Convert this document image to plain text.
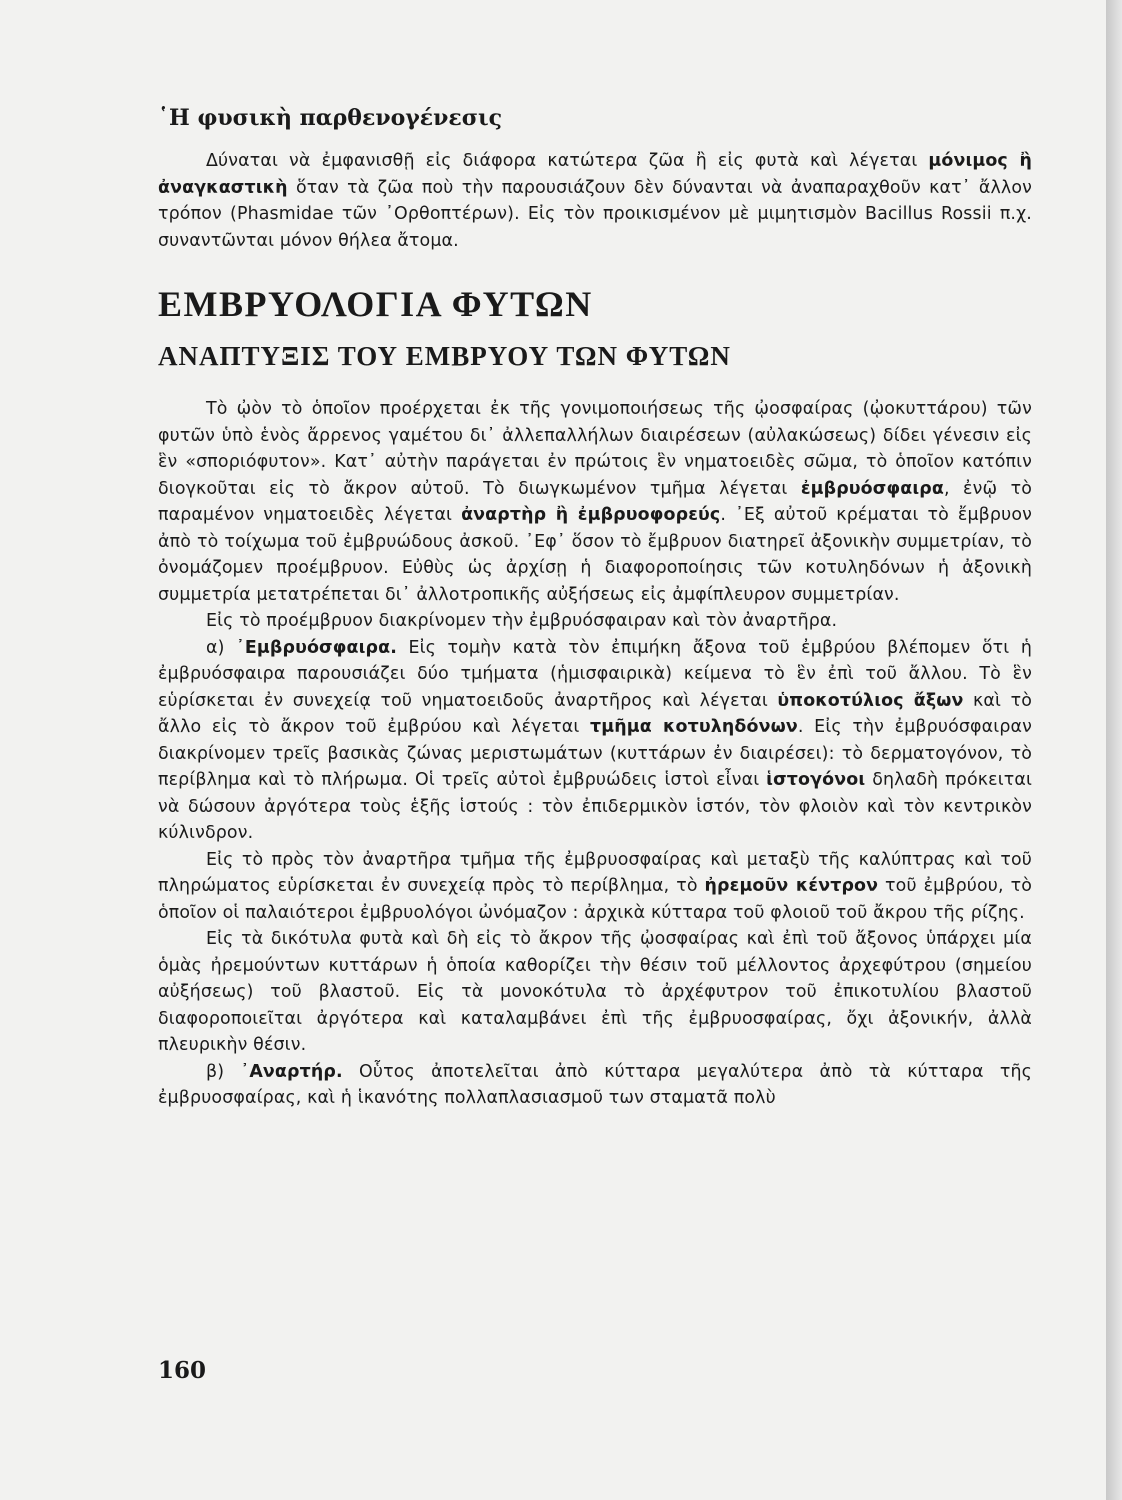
῾Η φυσικὴ παρθενογένεσις

Δύναται νὰ ἐμφανισθῇ εἰς διάφορα κατώτερα ζῶα ἢ εἰς φυτὰ καὶ λέγεται μόνιμος ἢ ἀναγκαστικὴ ὅταν τὰ ζῶα ποὺ τὴν παρουσιάζουν δὲν δύνανται νὰ ἀναπαραχθοῦν κατ᾽ ἄλλον τρόπον (Phasmidae τῶν ᾽Ορθοπτέρων). Εἰς τὸν προικισμένον μὲ μιμητισμὸν Bacillus Rossii π.χ. συναντῶνται μόνον θήλεα ἄτομα.

ΕΜΒΡΥΟΛΟΓΙΑ ΦΥΤΩΝ
ΑΝΑΠΤΥΞΙΣ ΤΟΥ ΕΜΒΡΥΟΥ ΤΩΝ ΦΥΤΩΝ

Τὸ ᾠὸν τὸ ὁποῖον προέρχεται ἐκ τῆς γονιμοποιήσεως τῆς ᾠοσφαίρας (ᾠοκυττάρου) τῶν φυτῶν ὑπὸ ἑνὸς ἄρρενος γαμέτου δι᾽ ἀλλεπαλλήλων διαιρέσεων (αὐλακώσεως) δίδει γένεσιν εἰς ἓν «σποριόφυτον». Κατ᾽ αὐτὴν παράγεται ἐν πρώτοις ἓν νηματοειδὲς σῶμα, τὸ ὁποῖον κατόπιν διογκοῦται εἰς τὸ ἄκρον αὐτοῦ. Τὸ διωγκωμένον τμῆμα λέγεται ἐμβρυόσφαιρα, ἐνῷ τὸ παραμένον νηματοειδὲς λέγεται ἀναρτὴρ ἢ ἐμβρυοφορεύς. ᾽Εξ αὐτοῦ κρέμαται τὸ ἔμβρυον ἀπὸ τὸ τοίχωμα τοῦ ἐμβρυώδους ἀσκοῦ. ᾽Εφ᾽ ὅσον τὸ ἔμβρυον διατηρεῖ ἀξονικὴν συμμετρίαν, τὸ ὀνομάζομεν προέμβρυον. Εὐθὺς ὡς ἀρχίσῃ ἡ διαφοροποίησις τῶν κοτυληδόνων ἡ ἀξονικὴ συμμετρία μετατρέπεται δι᾽ ἀλλοτροπικῆς αὐξήσεως εἰς ἀμφίπλευρον συμμετρίαν.

Εἰς τὸ προέμβρυον διακρίνομεν τὴν ἐμβρυόσφαιραν καὶ τὸν ἀναρτῆρα.

α) ᾽Εμβρυόσφαιρα. Εἰς τομὴν κατὰ τὸν ἐπιμήκη ἄξονα τοῦ ἐμβρύου βλέπομεν ὅτι ἡ ἐμβρυόσφαιρα παρουσιάζει δύο τμήματα (ἡμισφαιρικὰ) κείμενα τὸ ἓν ἐπὶ τοῦ ἄλλου. Τὸ ἓν εὑρίσκεται ἐν συνεχείᾳ τοῦ νηματοειδοῦς ἀναρτῆρος καὶ λέγεται ὑποκοτύλιος ἄξων καὶ τὸ ἄλλο εἰς τὸ ἄκρον τοῦ ἐμβρύου καὶ λέγεται τμῆμα κοτυληδόνων. Εἰς τὴν ἐμβρυόσφαιραν διακρίνομεν τρεῖς βασικὰς ζώνας μεριστωμάτων (κυττάρων ἐν διαιρέσει): τὸ δερματογόνον, τὸ περίβλημα καὶ τὸ πλήρωμα. Οἱ τρεῖς αὐτοὶ ἐμβρυώδεις ἱστοὶ εἶναι ἱστογόνοι δηλαδὴ πρόκειται νὰ δώσουν ἀργότερα τοὺς ἑξῆς ἱστούς : τὸν ἐπιδερμικὸν ἱστόν, τὸν φλοιὸν καὶ τὸν κεντρικὸν κύλινδρον.

Εἰς τὸ πρὸς τὸν ἀναρτῆρα τμῆμα τῆς ἐμβρυοσφαίρας καὶ μεταξὺ τῆς καλύπτρας καὶ τοῦ πληρώματος εὑρίσκεται ἐν συνεχείᾳ πρὸς τὸ περίβλημα, τὸ ἠρεμοῦν κέντρον τοῦ ἐμβρύου, τὸ ὁποῖον οἱ παλαιότεροι ἐμβρυολόγοι ὠνόμαζον : ἀρχικὰ κύτταρα τοῦ φλοιοῦ τοῦ ἄκρου τῆς ρίζης.

Εἰς τὰ δικότυλα φυτὰ καὶ δὴ εἰς τὸ ἄκρον τῆς ᾠοσφαίρας καὶ ἐπὶ τοῦ ἄξονος ὑπάρχει μία ὁμὰς ἠρεμούντων κυττάρων ἡ ὁποία καθορίζει τὴν θέσιν τοῦ μέλλοντος ἀρχεφύτρου (σημείου αὐξήσεως) τοῦ βλαστοῦ. Εἰς τὰ μονοκότυλα τὸ ἀρχέφυτρον τοῦ ἐπικοτυλίου βλαστοῦ διαφοροποιεῖται ἀργότερα καὶ καταλαμβάνει ἐπὶ τῆς ἐμβρυοσφαίρας, ὄχι ἀξονικήν, ἀλλὰ πλευρικὴν θέσιν.

β) ᾽Αναρτήρ. Οὗτος ἀποτελεῖται ἀπὸ κύτταρα μεγαλύτερα ἀπὸ τὰ κύτταρα τῆς ἐμβρυοσφαίρας, καὶ ἡ ἱκανότης πολλαπλασιασμοῦ των σταματᾶ πολὺ

160
